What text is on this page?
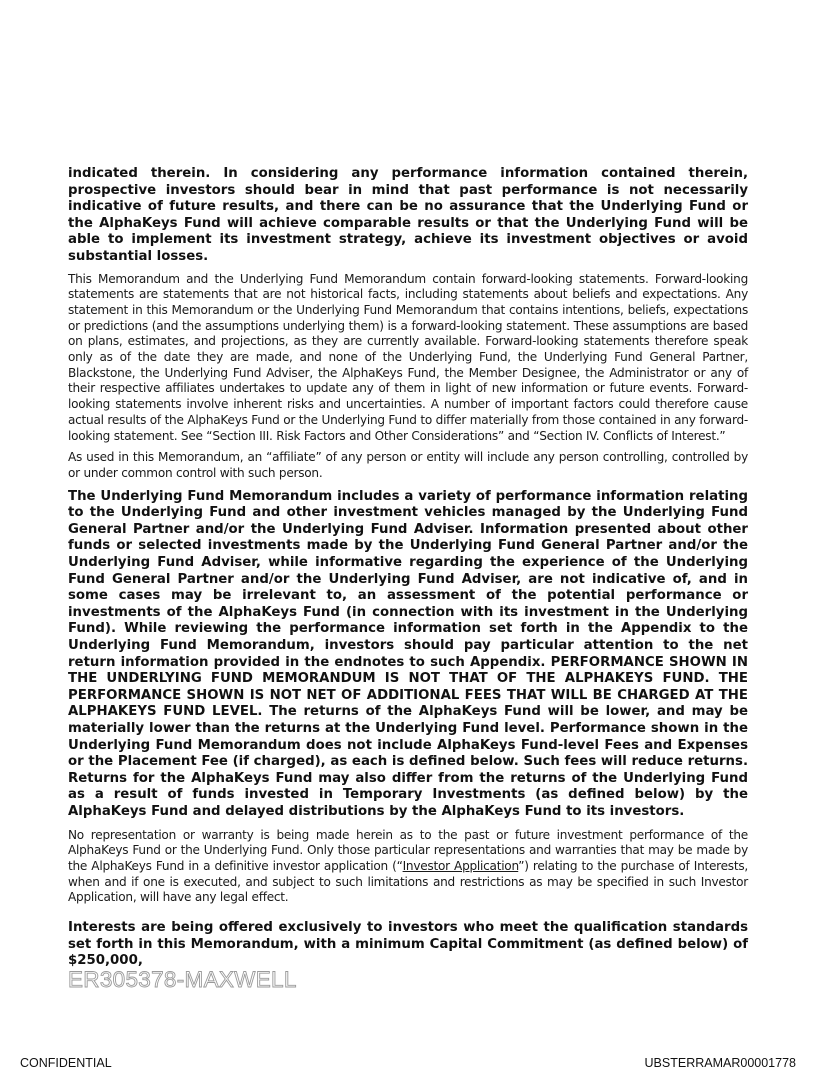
indicated therein. In considering any performance information contained therein, prospective investors should bear in mind that past performance is not necessarily indicative of future results, and there can be no assurance that the Underlying Fund or the AlphaKeys Fund will achieve comparable results or that the Underlying Fund will be able to implement its investment strategy, achieve its investment objectives or avoid substantial losses.

This Memorandum and the Underlying Fund Memorandum contain forward-looking statements. Forward-looking statements are statements that are not historical facts, including statements about beliefs and expectations. Any statement in this Memorandum or the Underlying Fund Memorandum that contains intentions, beliefs, expectations or predictions (and the assumptions underlying them) is a forward-looking statement. These assumptions are based on plans, estimates, and projections, as they are currently available. Forward-looking statements therefore speak only as of the date they are made, and none of the Underlying Fund, the Underlying Fund General Partner, Blackstone, the Underlying Fund Adviser, the AlphaKeys Fund, the Member Designee, the Administrator or any of their respective affiliates undertakes to update any of them in light of new information or future events. Forward-looking statements involve inherent risks and uncertainties. A number of important factors could therefore cause actual results of the AlphaKeys Fund or the Underlying Fund to differ materially from those contained in any forward-looking statement. See “Section III. Risk Factors and Other Considerations” and “Section IV. Conflicts of Interest.”

As used in this Memorandum, an “affiliate” of any person or entity will include any person controlling, controlled by or under common control with such person.

The Underlying Fund Memorandum includes a variety of performance information relating to the Underlying Fund and other investment vehicles managed by the Underlying Fund General Partner and/or the Underlying Fund Adviser. Information presented about other funds or selected investments made by the Underlying Fund General Partner and/or the Underlying Fund Adviser, while informative regarding the experience of the Underlying Fund General Partner and/or the Underlying Fund Adviser, are not indicative of, and in some cases may be irrelevant to, an assessment of the potential performance or investments of the AlphaKeys Fund (in connection with its investment in the Underlying Fund). While reviewing the performance information set forth in the Appendix to the Underlying Fund Memorandum, investors should pay particular attention to the net return information provided in the endnotes to such Appendix. PERFORMANCE SHOWN IN THE UNDERLYING FUND MEMORANDUM IS NOT THAT OF THE ALPHAKEYS FUND. THE PERFORMANCE SHOWN IS NOT NET OF ADDITIONAL FEES THAT WILL BE CHARGED AT THE ALPHAKEYS FUND LEVEL. The returns of the AlphaKeys Fund will be lower, and may be materially lower than the returns at the Underlying Fund level. Performance shown in the Underlying Fund Memorandum does not include AlphaKeys Fund-level Fees and Expenses or the Placement Fee (if charged), as each is defined below. Such fees will reduce returns. Returns for the AlphaKeys Fund may also differ from the returns of the Underlying Fund as a result of funds invested in Temporary Investments (as defined below) by the AlphaKeys Fund and delayed distributions by the AlphaKeys Fund to its investors.

No representation or warranty is being made herein as to the past or future investment performance of the AlphaKeys Fund or the Underlying Fund. Only those particular representations and warranties that may be made by the AlphaKeys Fund in a definitive investor application (“Investor Application”) relating to the purchase of Interests, when and if one is executed, and subject to such limitations and restrictions as may be specified in such Investor Application, will have any legal effect.

Interests are being offered exclusively to investors who meet the qualification standards set forth in this Memorandum, with a minimum Capital Commitment (as defined below) of $250,000,

ER305378-MAXWELL
CONFIDENTIAL	UBSTERRAMAR00001778
